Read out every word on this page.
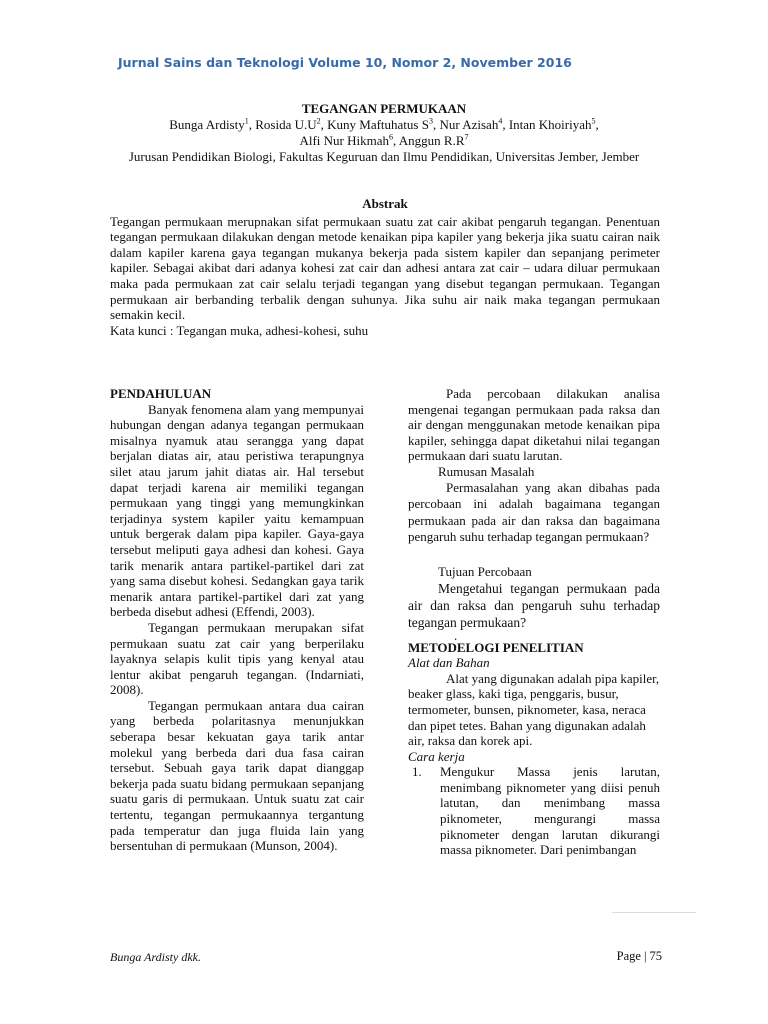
Jurnal Sains dan Teknologi Volume 10, Nomor 2, November 2016
TEGANGAN PERMUKAAN
Bunga Ardisty$^1$, Rosida $U.U^2$, Kuny Maftuhatus $S^3$, Nur Azisah$^4$, Intan Khoiriyah$^5$,
Alfi Nur Hikmah$^6$, Anggun $R.R^7$
Jurusan Pendidikan Biologi, Fakultas Keguruan dan Ilmu Pendidikan, Universitas Jember, Jember
Abstrak

Tegangan permukaan merupnakan sifat permukaan suatu zat cair akibat pengaruh tegangan. Penentuan tegangan permukaan dilakukan dengan metode kenaikan pipa kapiler yang bekerja jika suatu cairan naik dalam kapiler karena gaya tegangan mukanya bekerja pada sistem kapiler dan sepanjang perimeter kapiler. Sebagai akibat dari adanya kohesi zat cair dan adhesi antara zat cair – udara diluar permukaan maka pada permukaan zat cair selalu terjadi tegangan yang disebut tegangan permukaan. Tegangan permukaan air berbanding terbalik dengan suhunya. Jika suhu air naik maka tegangan permukaan semakin kecil.

Kata kunci : Tegangan muka, adhesi-kohesi, suhu

PENDAHULUAN

Banyak fenomena alam yang mempunyai hubungan dengan adanya tegangan permukaan misalnya nyamuk atau serangga yang dapat berjalan diatas air, atau peristiwa terapungnya silet atau jarum jahit diatas air. Hal tersebut dapat terjadi karena air memiliki tegangan permukaan yang tinggi yang memungkinkan terjadinya system kapiler yaitu kemampuan untuk bergerak dalam pipa kapiler. Gaya-gaya tersebut meliputi gaya adhesi dan kohesi. Gaya tarik menarik antara partikel-partikel dari zat yang sama disebut kohesi. Sedangkan gaya tarik menarik antara partikel-partikel dari zat yang berbeda disebut adhesi (Effendi, 2003).

Tegangan permukaan merupakan sifat permukaan suatu zat cair yang berperilaku layaknya selapis kulit tipis yang kenyal atau lentur akibat pengaruh tegangan. (Indarniati, 2008).

Tegangan permukaan antara dua cairan yang berbeda polaritasnya menunjukkan seberapa besar kekuatan gaya tarik antar molekul yang berbeda dari dua fasa cairan tersebut. Sebuah gaya tarik dapat dianggap bekerja pada suatu bidang permukaan sepanjang suatu garis di permukaan. Untuk suatu zat cair tertentu, tegangan permukaannya tergantung pada temperatur dan juga fluida lain yang bersentuhan di permukaan (Munson, 2004).

Pada percobaan dilakukan analisa mengenai tegangan permukaan pada raksa dan air dengan menggunakan metode kenaikan pipa kapiler, sehingga dapat diketahui nilai tegangan permukaan dari suatu larutan.

Rumusan Masalah

Permasalahan yang akan dibahas pada percobaan ini adalah bagaimana tegangan permukaan pada air dan raksa dan bagaimana pengaruh suhu terhadap tegangan permukaan?

Tujuan Percobaan

Mengetahui tegangan permukaan pada air dan raksa dan pengaruh suhu terhadap tegangan permukaan?

.

METODELOGI PENELITIAN

Alat dan Bahan

Alat yang digunakan adalah pipa kapiler, beaker glass, kaki tiga, penggaris, busur, termometer, bunsen, piknometer, kasa, neraca dan pipet tetes. Bahan yang digunakan adalah air, raksa dan korek api.

Cara kerja

1.	Mengukur Massa jenis larutan, menimbang piknometer yang diisi penuh latutan, dan menimbang massa piknometer, mengurangi massa piknometer dengan larutan dikurangi massa piknometer. Dari penimbangan
Bunga Ardisty dkk.	Page | 75
